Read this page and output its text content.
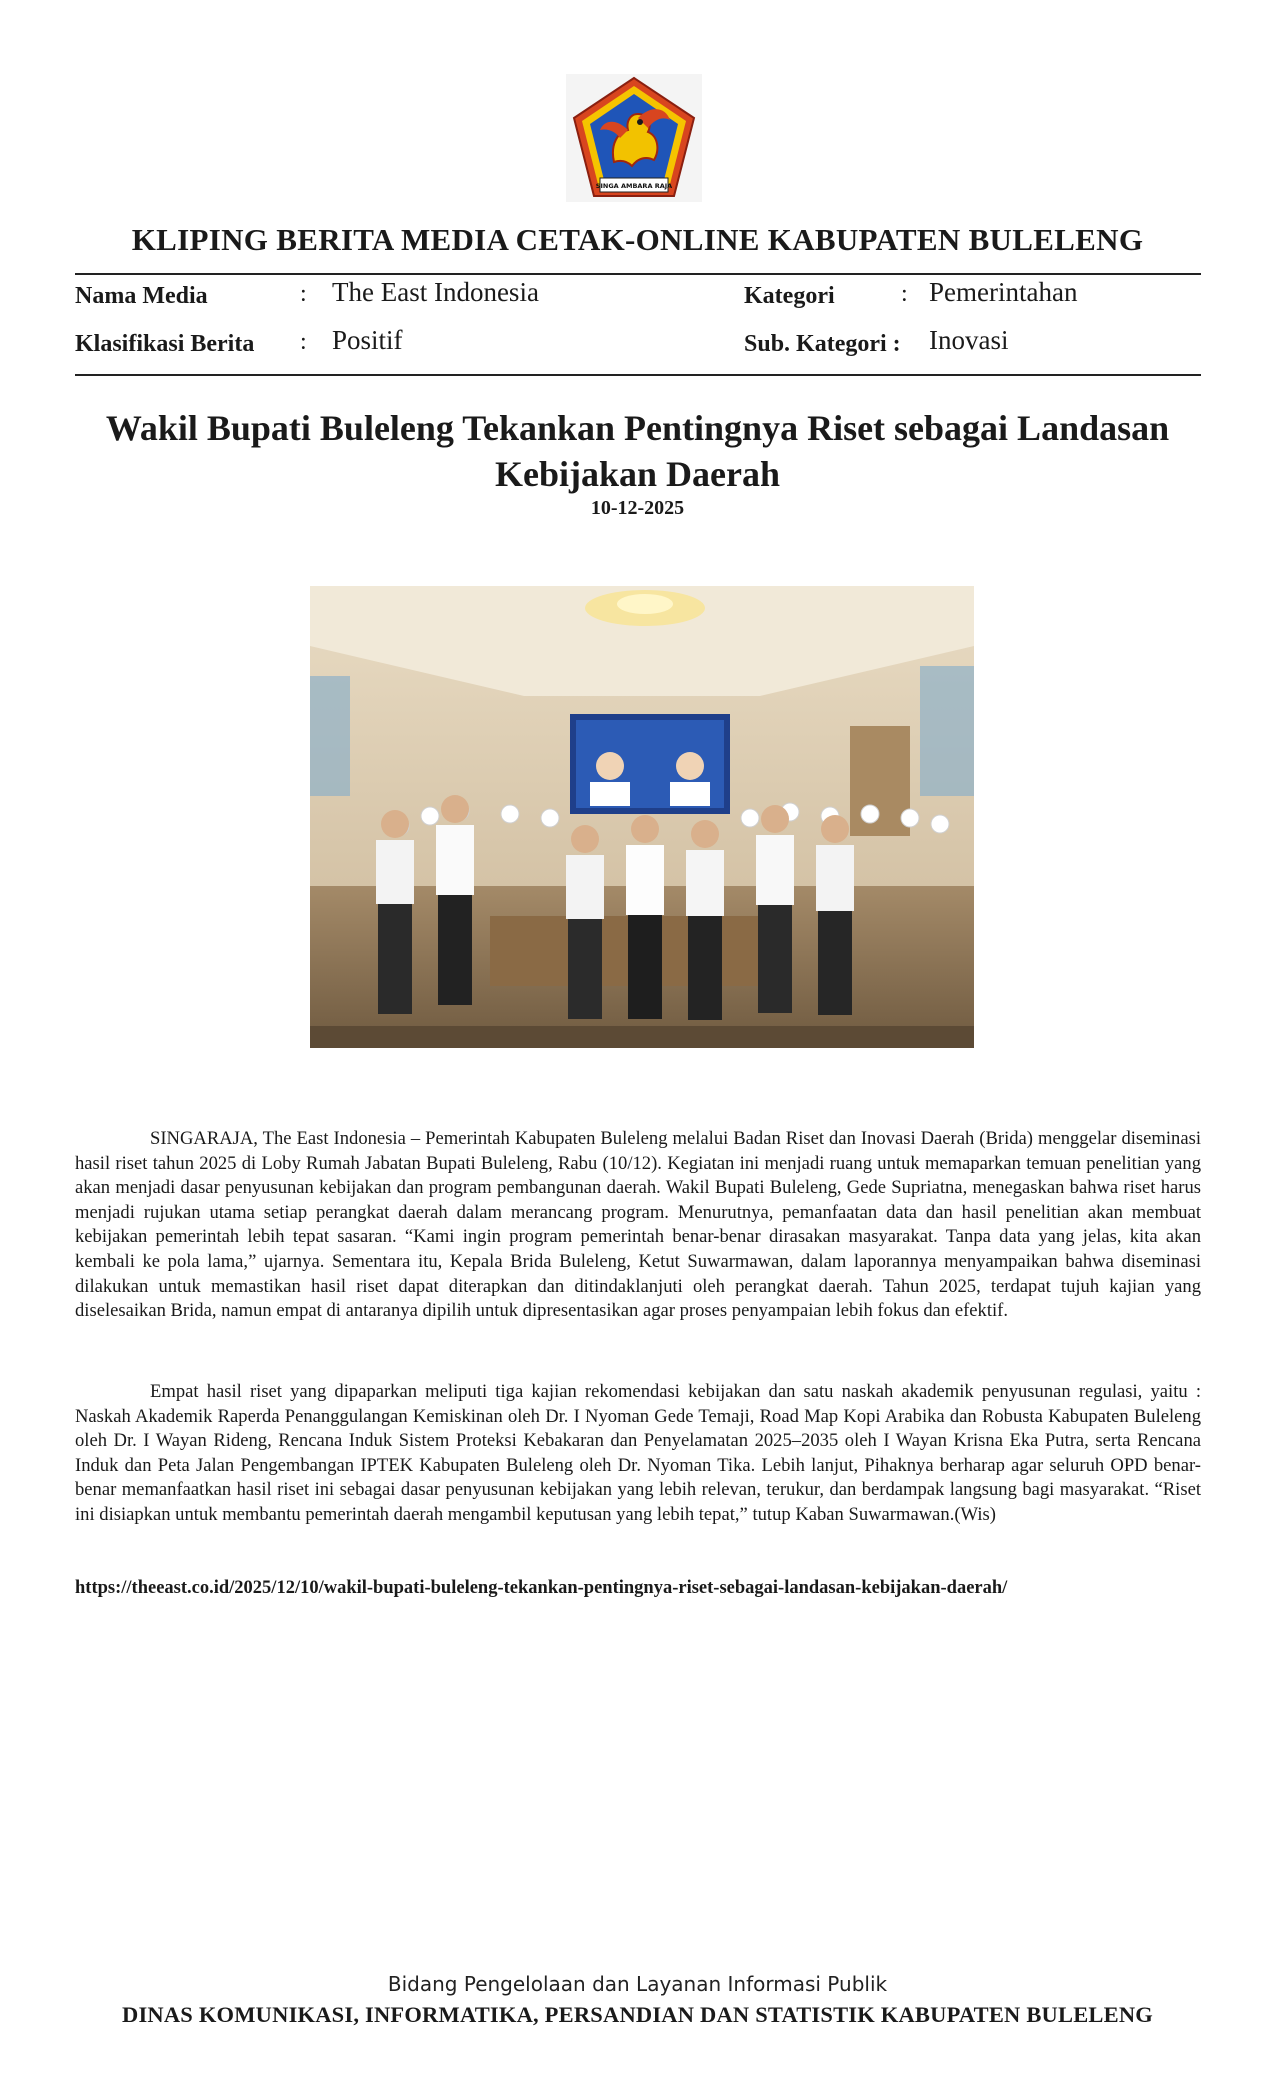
SINGA AMBARA RAJA
KLIPING BERITA MEDIA CETAK-ONLINE KABUPATEN BULELENG
Nama Media	: The East Indonesia	Kategori	: Pemerintahan
Klasifikasi Berita : Positif	Sub. Kategori : Inovasi
Wakil Bupati Buleleng Tekankan Pentingnya Riset sebagai Landasan Kebijakan Daerah
10-12-2025

SINGARAJA, The East Indonesia – Pemerintah Kabupaten Buleleng melalui Badan Riset dan Inovasi Daerah (Brida) menggelar diseminasi hasil riset tahun 2025 di Loby Rumah Jabatan Bupati Buleleng, Rabu (10/12). Kegiatan ini menjadi ruang untuk memaparkan temuan penelitian yang akan menjadi dasar penyusunan kebijakan dan program pembangunan daerah. Wakil Bupati Buleleng, Gede Supriatna, menegaskan bahwa riset harus menjadi rujukan utama setiap perangkat daerah dalam merancang program. Menurutnya, pemanfaatan data dan hasil penelitian akan membuat kebijakan pemerintah lebih tepat sasaran. “Kami ingin program pemerintah benar-benar dirasakan masyarakat. Tanpa data yang jelas, kita akan kembali ke pola lama,” ujarnya. Sementara itu, Kepala Brida Buleleng, Ketut Suwarmawan, dalam laporannya menyampaikan bahwa diseminasi dilakukan untuk memastikan hasil riset dapat diterapkan dan ditindaklanjuti oleh perangkat daerah. Tahun 2025, terdapat tujuh kajian yang diselesaikan Brida, namun empat di antaranya dipilih untuk dipresentasikan agar proses penyampaian lebih fokus dan efektif.

Empat hasil riset yang dipaparkan meliputi tiga kajian rekomendasi kebijakan dan satu naskah akademik penyusunan regulasi, yaitu : Naskah Akademik Raperda Penanggulangan Kemiskinan oleh Dr. I Nyoman Gede Temaji, Road Map Kopi Arabika dan Robusta Kabupaten Buleleng oleh Dr. I Wayan Rideng, Rencana Induk Sistem Proteksi Kebakaran dan Penyelamatan 2025–2035 oleh I Wayan Krisna Eka Putra, serta Rencana Induk dan Peta Jalan Pengembangan IPTEK Kabupaten Buleleng oleh Dr. Nyoman Tika. Lebih lanjut, Pihaknya berharap agar seluruh OPD benar-benar memanfaatkan hasil riset ini sebagai dasar penyusunan kebijakan yang lebih relevan, terukur, dan berdampak langsung bagi masyarakat. “Riset ini disiapkan untuk membantu pemerintah daerah mengambil keputusan yang lebih tepat,” tutup Kaban Suwarmawan.(Wis)

https://theeast.co.id/2025/12/10/wakil-bupati-buleleng-tekankan-pentingnya-riset-sebagai-landasan-kebijakan-daerah/
Bidang Pengelolaan dan Layanan Informasi Publik
DINAS KOMUNIKASI, INFORMATIKA, PERSANDIAN DAN STATISTIK KABUPATEN BULELENG
